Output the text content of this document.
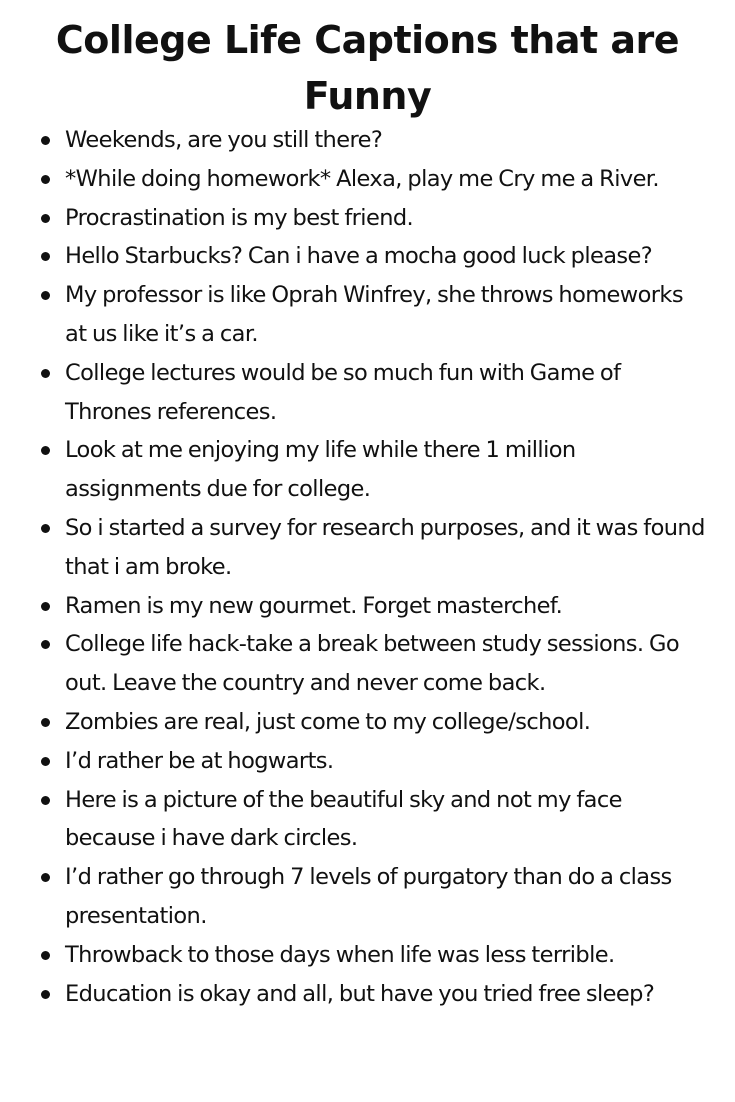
College Life Captions that are Funny
Weekends, are you still there?
*While doing homework* Alexa, play me Cry me a River.
Procrastination is my best friend.
Hello Starbucks? Can i have a mocha good luck please?
My professor is like Oprah Winfrey, she throws homeworks at us like it’s a car.
College lectures would be so much fun with Game of Thrones references.
Look at me enjoying my life while there 1 million assignments due for college.
So i started a survey for research purposes, and it was found that i am broke.
Ramen is my new gourmet. Forget masterchef.
College life hack-take a break between study sessions. Go out. Leave the country and never come back.
Zombies are real, just come to my college/school.
I’d rather be at hogwarts.
Here is a picture of the beautiful sky and not my face because i have dark circles.
I’d rather go through 7 levels of purgatory than do a class presentation.
Throwback to those days when life was less terrible.
Education is okay and all, but have you tried free sleep?
